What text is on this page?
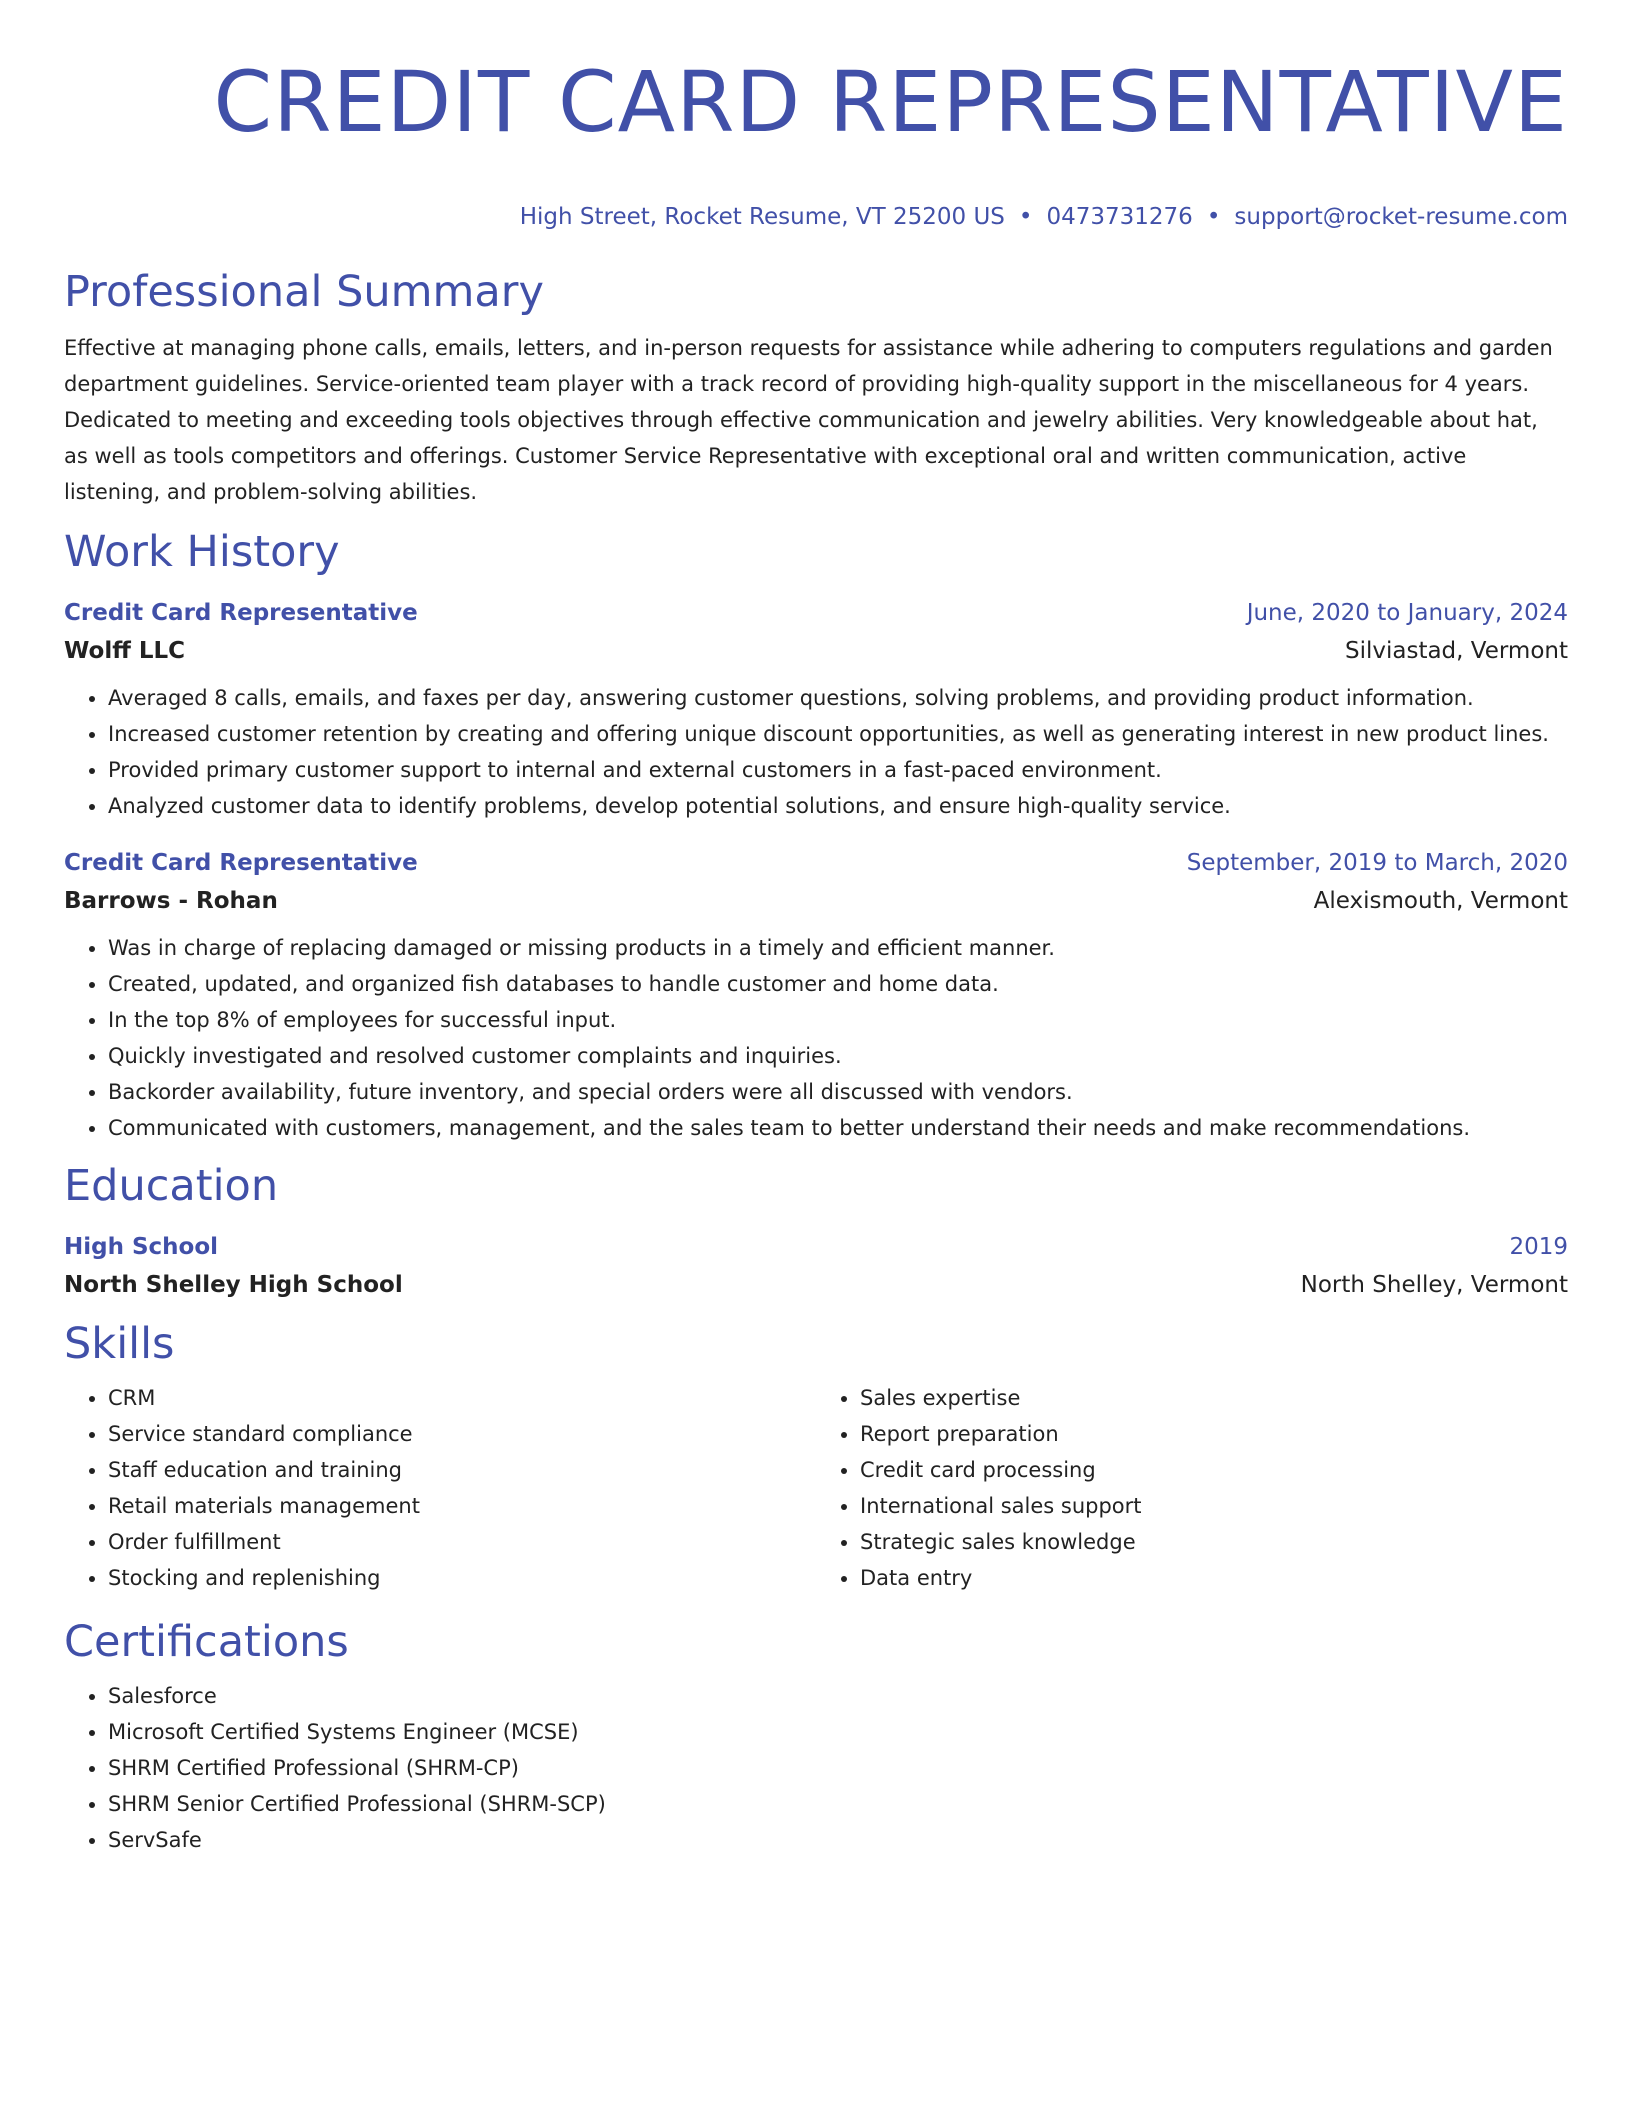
CREDIT CARD REPRESENTATIVE
High Street, Rocket Resume, VT 25200 US • 0473731276 • support@rocket-resume.com
Professional Summary
Effective at managing phone calls, emails, letters, and in-person requests for assistance while adhering to computers regulations and garden department guidelines. Service-oriented team player with a track record of providing high-quality support in the miscellaneous for 4 years. Dedicated to meeting and exceeding tools objectives through effective communication and jewelry abilities. Very knowledgeable about hat, as well as tools competitors and offerings. Customer Service Representative with exceptional oral and written communication, active listening, and problem-solving abilities.
Work History
Credit Card Representative	June, 2020 to January, 2024
Wolff LLC	Silviastad, Vermont
• Averaged 8 calls, emails, and faxes per day, answering customer questions, solving problems, and providing product information.
• Increased customer retention by creating and offering unique discount opportunities, as well as generating interest in new product lines.
• Provided primary customer support to internal and external customers in a fast-paced environment.
• Analyzed customer data to identify problems, develop potential solutions, and ensure high-quality service.
Credit Card Representative	September, 2019 to March, 2020
Barrows - Rohan	Alexismouth, Vermont
• Was in charge of replacing damaged or missing products in a timely and efficient manner.
• Created, updated, and organized fish databases to handle customer and home data.
• In the top 8% of employees for successful input.
• Quickly investigated and resolved customer complaints and inquiries.
• Backorder availability, future inventory, and special orders were all discussed with vendors.
• Communicated with customers, management, and the sales team to better understand their needs and make recommendations.
Education
High School	2019
North Shelley High School	North Shelley, Vermont
Skills
• CRM
• Service standard compliance
• Staff education and training
• Retail materials management
• Order fulfillment
• Stocking and replenishing
• Sales expertise
• Report preparation
• Credit card processing
• International sales support
• Strategic sales knowledge
• Data entry
Certifications
• Salesforce
• Microsoft Certified Systems Engineer (MCSE)
• SHRM Certified Professional (SHRM-CP)
• SHRM Senior Certified Professional (SHRM-SCP)
• ServSafe
